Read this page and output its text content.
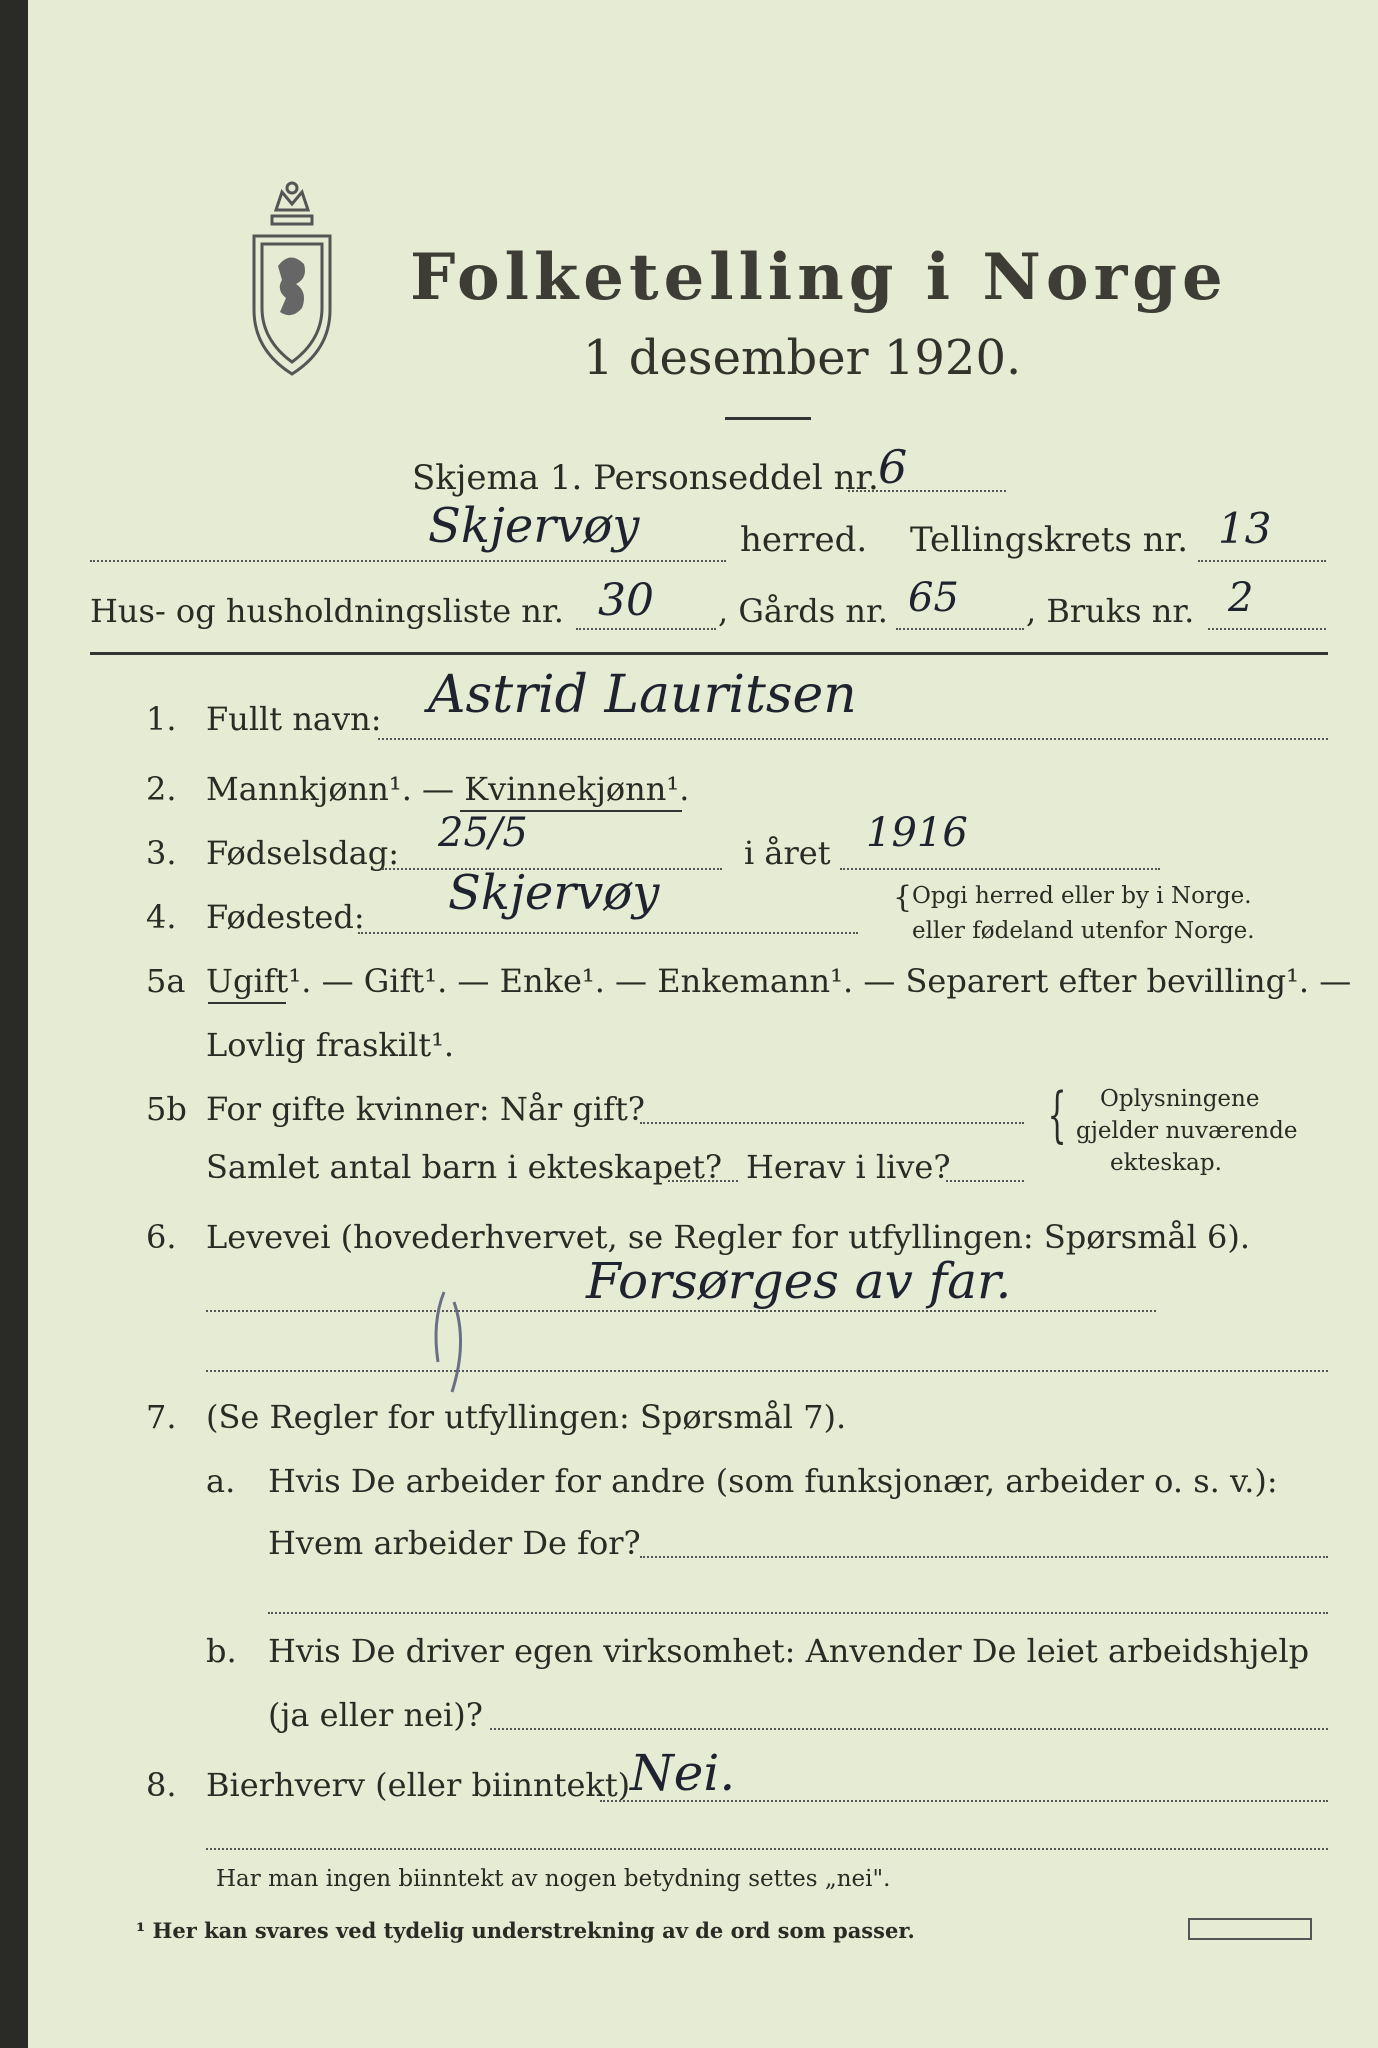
Folketelling i Norge
1 desember 1920.
Skjema 1. Personseddel nr. 6
Skjervøy	herred. Tellingskrets nr. 13
Hus- og husholdningsliste nr. 30 , Gårds nr. 65 , Bruks nr. 2
1. Fullt navn: Astrid Lauritsen
2. Mannkjønn¹. — Kvinnekjønn¹.
3. Fødselsdag: 25/5	i året 1916
4. Fødested: Skjervøy	{ Opgi herred eller by i Norge.
eller fødeland utenfor Norge.
5a Ugift¹. — Gift¹. — Enke¹. — Enkemann¹. — Separert efter bevilling¹. —
Lovlig fraskilt¹.
5b For gifte kvinner: Når gift?
Samlet antal barn i ekteskapet? Herav i live?
{ Oplysningene
gjelder nuværende
ekteskap.
6. Levevei (hovederhvervet, se Regler for utfyllingen: Spørsmål 6).
Forsørges av far.
7. (Se Regler for utfyllingen: Spørsmål 7).
a. Hvis De arbeider for andre (som funksjonær, arbeider o. s. v.):
Hvem arbeider De for?
b. Hvis De driver egen virksomhet: Anvender De leiet arbeidshjelp
(ja eller nei)?
8. Bierhverv (eller biinntekt) Nei.
Har man ingen biinntekt av nogen betydning settes „nei".
¹ Her kan svares ved tydelig understrekning av de ord som passer.
